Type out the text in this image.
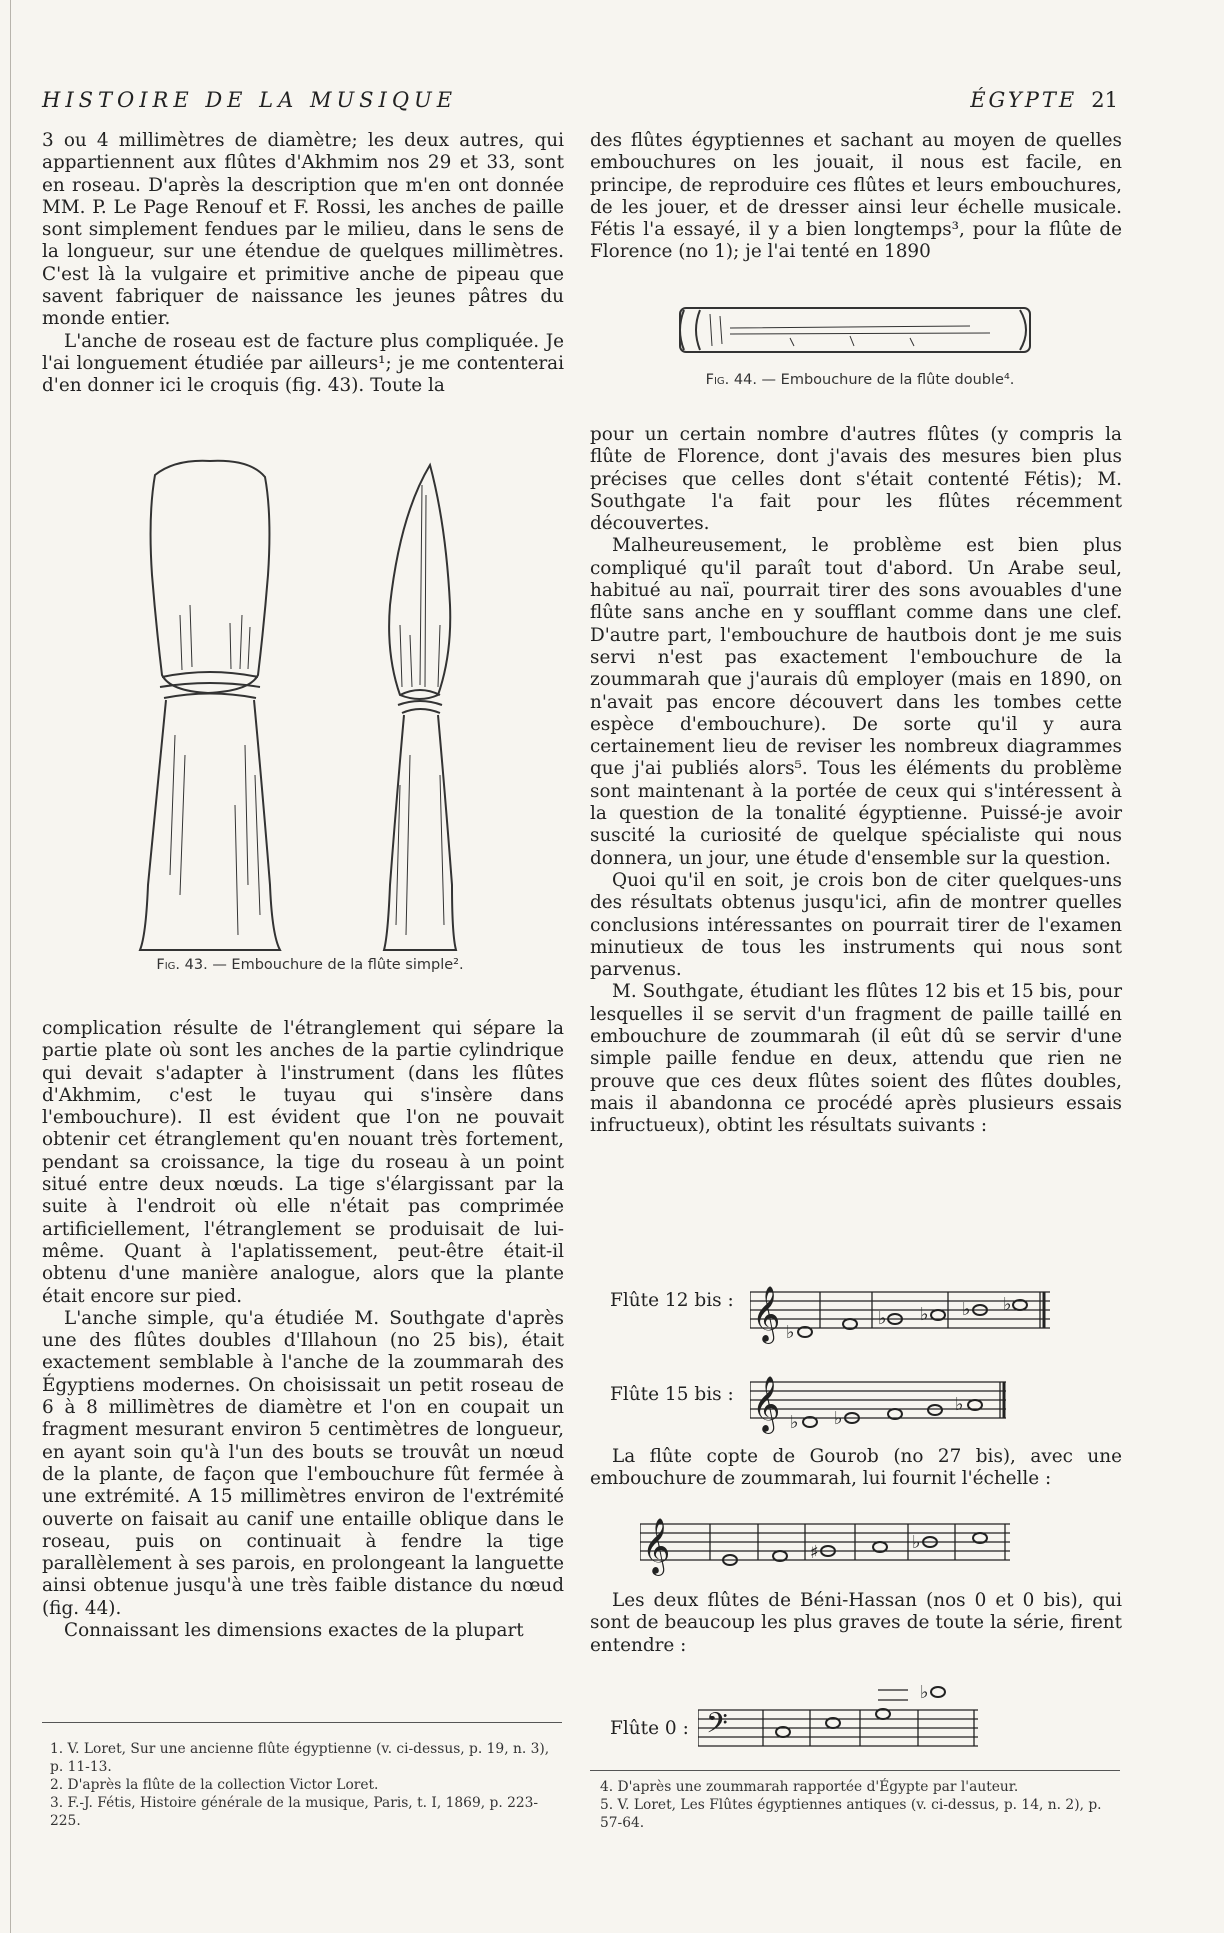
HISTOIRE DE LA MUSIQUE	ÉGYPTE 21

3 ou 4 millimètres de diamètre; les deux autres, qui appartiennent aux flûtes d'Akhmim nos 29 et 33, sont en roseau. D'après la description que m'en ont donnée MM. P. Le Page Renouf et F. Rossi, les anches de paille sont simplement fendues par le milieu, dans le sens de la longueur, sur une étendue de quelques millimètres. C'est là la vulgaire et primitive anche de pipeau que savent fabriquer de naissance les jeunes pâtres du monde entier.

L'anche de roseau est de facture plus compliquée. Je l'ai longuement étudiée par ailleurs¹; je me contenterai d'en donner ici le croquis (fig. 43). Toute la

Fig. 43. — Embouchure de la flûte simple².

complication résulte de l'étranglement qui sépare la partie plate où sont les anches de la partie cylindrique qui devait s'adapter à l'instrument (dans les flûtes d'Akhmim, c'est le tuyau qui s'insère dans l'embouchure). Il est évident que l'on ne pouvait obtenir cet étranglement qu'en nouant très fortement, pendant sa croissance, la tige du roseau à un point situé entre deux nœuds. La tige s'élargissant par la suite à l'endroit où elle n'était pas comprimée artificiellement, l'étranglement se produisait de lui-même. Quant à l'aplatissement, peut-être était-il obtenu d'une manière analogue, alors que la plante était encore sur pied.

L'anche simple, qu'a étudiée M. Southgate d'après une des flûtes doubles d'Illahoun (no 25 bis), était exactement semblable à l'anche de la zoummarah des Égyptiens modernes. On choisissait un petit roseau de 6 à 8 millimètres de diamètre et l'on en coupait un fragment mesurant environ 5 centimètres de longueur, en ayant soin qu'à l'un des bouts se trouvât un nœud de la plante, de façon que l'embouchure fût fermée à une extrémité. A 15 millimètres environ de l'extrémité ouverte on faisait au canif une entaille oblique dans le roseau, puis on continuait à fendre la tige parallèlement à ses parois, en prolongeant la languette ainsi obtenue jusqu'à une très faible distance du nœud (fig. 44).

Connaissant les dimensions exactes de la plupart

des flûtes égyptiennes et sachant au moyen de quelles embouchures on les jouait, il nous est facile, en principe, de reproduire ces flûtes et leurs embouchures, de les jouer, et de dresser ainsi leur échelle musicale. Fétis l'a essayé, il y a bien longtemps³, pour la flûte de Florence (no 1); je l'ai tenté en 1890

Fig. 44. — Embouchure de la flûte double⁴.

pour un certain nombre d'autres flûtes (y compris la flûte de Florence, dont j'avais des mesures bien plus précises que celles dont s'était contenté Fétis); M. Southgate l'a fait pour les flûtes récemment découvertes.

Malheureusement, le problème est bien plus compliqué qu'il paraît tout d'abord. Un Arabe seul, habitué au naï, pourrait tirer des sons avouables d'une flûte sans anche en y soufflant comme dans une clef. D'autre part, l'embouchure de hautbois dont je me suis servi n'est pas exactement l'embouchure de la zoummarah que j'aurais dû employer (mais en 1890, on n'avait pas encore découvert dans les tombes cette espèce d'embouchure). De sorte qu'il y aura certainement lieu de reviser les nombreux diagrammes que j'ai publiés alors⁵. Tous les éléments du problème sont maintenant à la portée de ceux qui s'intéressent à la question de la tonalité égyptienne. Puissé-je avoir suscité la curiosité de quelque spécialiste qui nous donnera, un jour, une étude d'ensemble sur la question.

Quoi qu'il en soit, je crois bon de citer quelques-uns des résultats obtenus jusqu'ici, afin de montrer quelles conclusions intéressantes on pourrait tirer de l'examen minutieux de tous les instruments qui nous sont parvenus.

M. Southgate, étudiant les flûtes 12 bis et 15 bis, pour lesquelles il se servit d'un fragment de paille taillé en embouchure de zoummarah (il eût dû se servir d'une simple paille fendue en deux, attendu que rien ne prouve que ces deux flûtes soient des flûtes doubles, mais il abandonna ce procédé après plusieurs essais infructueux), obtint les résultats suivants :

Flûte 12 bis : 𝄞 ♭
♭ ♭ ♭ ♭
Flûte 15 bis : 𝄞 ♭ ♭
♭

La flûte copte de Gourob (no 27 bis), avec une embouchure de zoummarah, lui fournit l'échelle :

𝄞	♯	♭

Les deux flûtes de Béni-Hassan (nos 0 et 0 bis), qui sont de beaucoup les plus graves de toute la série, firent entendre :

Flûte 0 : 𝄢
♭

1. V. Loret, Sur une ancienne flûte égyptienne (v. ci-dessus, p. 19, n. 3), p. 11-13.

2. D'après la flûte de la collection Victor Loret.

3. F.-J. Fétis, Histoire générale de la musique, Paris, t. I, 1869, p. 223-225.

4. D'après une zoummarah rapportée d'Égypte par l'auteur.

5. V. Loret, Les Flûtes égyptiennes antiques (v. ci-dessus, p. 14, n. 2), p. 57-64.
